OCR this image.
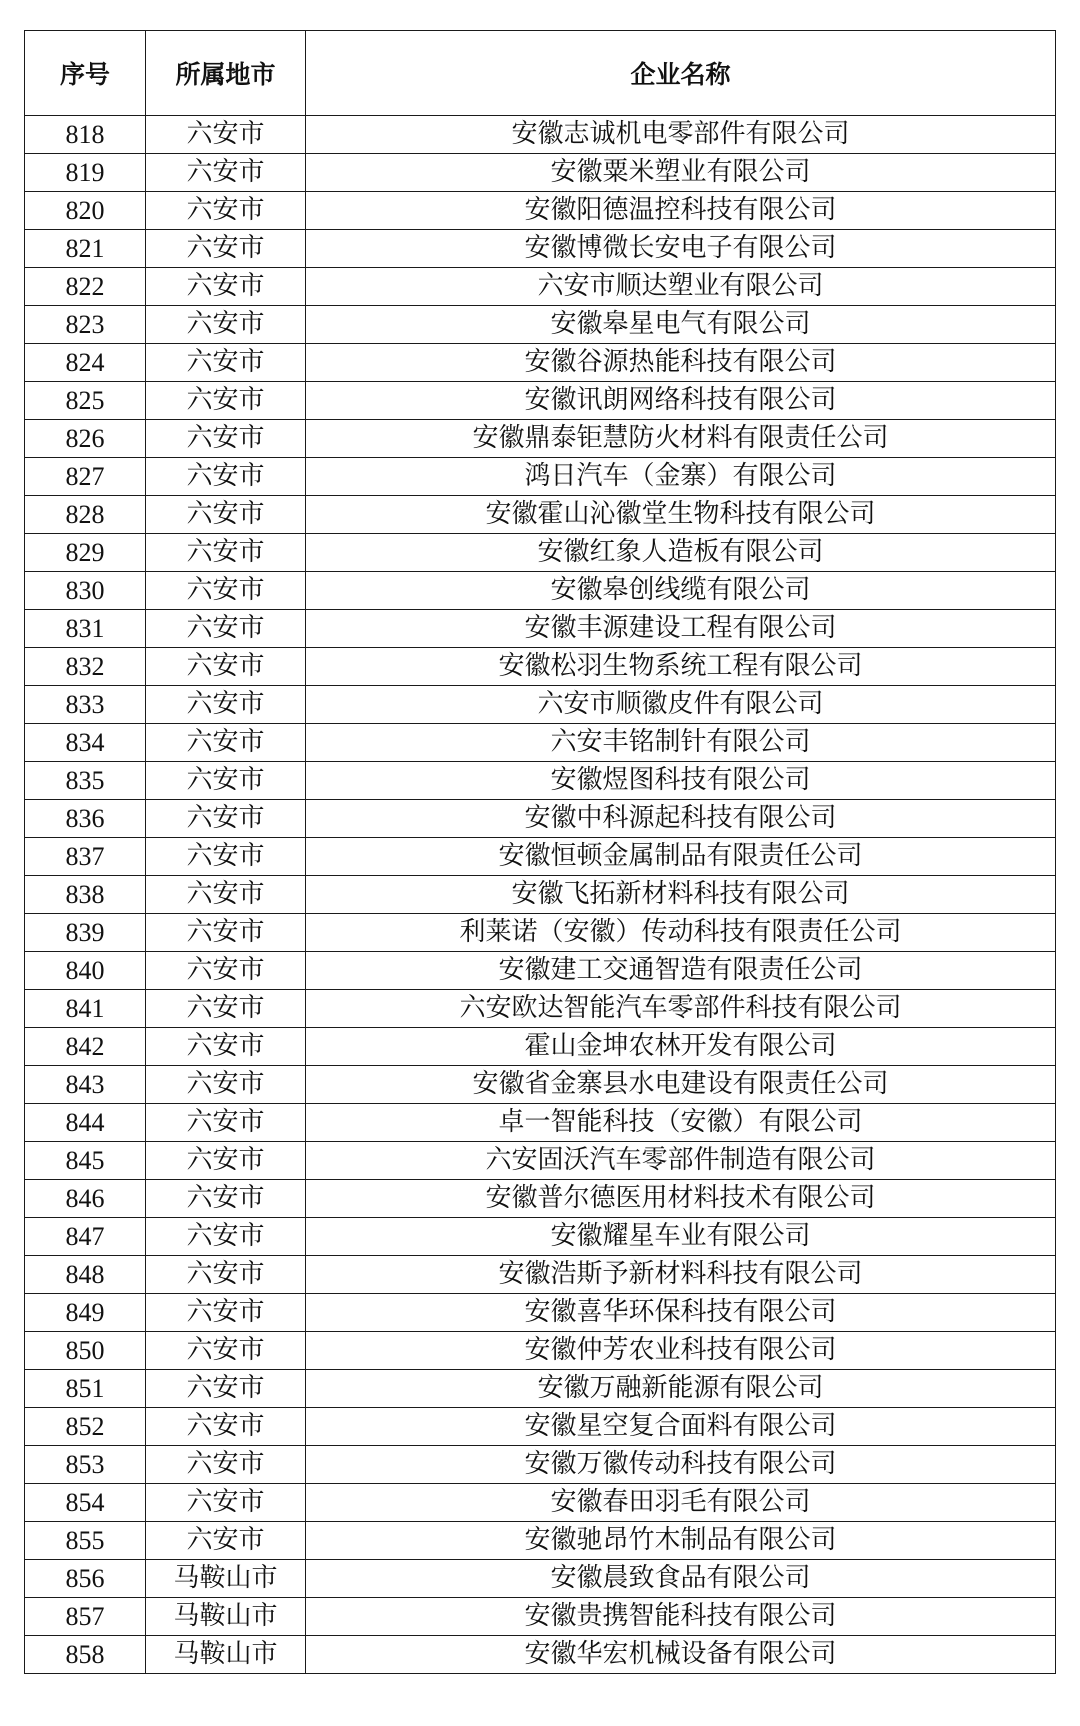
序号	所属地市	企业名称
818	六安市	安徽志诚机电零部件有限公司
819	六安市	安徽粟米塑业有限公司
820	六安市	安徽阳德温控科技有限公司
821	六安市	安徽博微长安电子有限公司
822	六安市	六安市顺达塑业有限公司
823	六安市	安徽皋星电气有限公司
824	六安市	安徽谷源热能科技有限公司
825	六安市	安徽讯朗网络科技有限公司
826	六安市	安徽鼎泰钜慧防火材料有限责任公司
827	六安市	鸿日汽车（金寨）有限公司
828	六安市	安徽霍山沁徽堂生物科技有限公司
829	六安市	安徽红象人造板有限公司
830	六安市	安徽皋创线缆有限公司
831	六安市	安徽丰源建设工程有限公司
832	六安市	安徽松羽生物系统工程有限公司
833	六安市	六安市顺徽皮件有限公司
834	六安市	六安丰铭制针有限公司
835	六安市	安徽煜图科技有限公司
836	六安市	安徽中科源起科技有限公司
837	六安市	安徽恒顿金属制品有限责任公司
838	六安市	安徽飞拓新材料科技有限公司
839	六安市	利莱诺（安徽）传动科技有限责任公司
840	六安市	安徽建工交通智造有限责任公司
841	六安市	六安欧达智能汽车零部件科技有限公司
842	六安市	霍山金坤农林开发有限公司
843	六安市	安徽省金寨县水电建设有限责任公司
844	六安市	卓一智能科技（安徽）有限公司
845	六安市	六安固沃汽车零部件制造有限公司
846	六安市	安徽普尔德医用材料技术有限公司
847	六安市	安徽耀星车业有限公司
848	六安市	安徽浩斯予新材料科技有限公司
849	六安市	安徽喜华环保科技有限公司
850	六安市	安徽仲芳农业科技有限公司
851	六安市	安徽万融新能源有限公司
852	六安市	安徽星空复合面料有限公司
853	六安市	安徽万徽传动科技有限公司
854	六安市	安徽春田羽毛有限公司
855	六安市	安徽驰昂竹木制品有限公司
856	马鞍山市	安徽晨致食品有限公司
857	马鞍山市	安徽贵携智能科技有限公司
858	马鞍山市	安徽华宏机械设备有限公司
